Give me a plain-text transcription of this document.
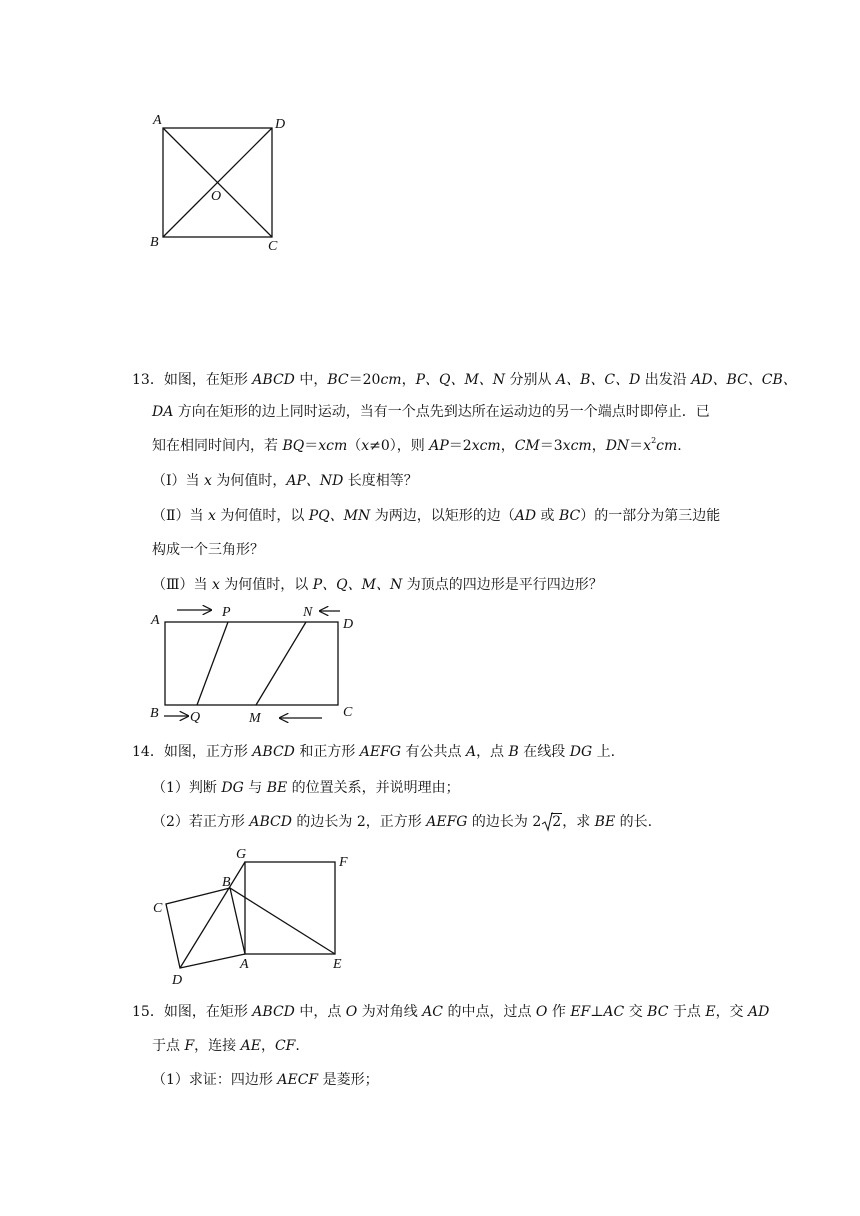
A	D
O
B	C
13．如图，在矩形 ABCD 中，BC＝20cm，P、Q、M、N 分别从 A、B、C、D 出发沿 AD、BC、CB、
DA 方向在矩形的边上同时运动，当有一个点先到达所在运动边的另一个端点时即停止．已
知在相同时间内，若 BQ＝xcm（x≠0），则 AP＝2xcm，CM＝3xcm，$DN=x^2cm$.
（Ⅰ）当 x 为何值时，AP、ND 长度相等？
（Ⅱ）当 x 为何值时，以 PQ、MN 为两边，以矩形的边（AD 或 BC）的一部分为第三边能
构成一个三角形？
（Ⅲ）当 x 为何值时，以 P、Q、M、N 为顶点的四边形是平行四边形？
A
P	N
D
B Q	M	C
14．如图，正方形 ABCD 和正方形 AEFG 有公共点 A，点 B 在线段 DG 上.
（1）判断 DG 与 BE 的位置关系，并说明理由；
（2）若正方形 ABCD 的边长为 2，正方形 AEFG 的边长为 2 2，求 BE 的长.
G
F
B
C
D
A	E
15．如图，在矩形 ABCD 中，点 O 为对角线 AC 的中点，过点 O 作 EF⊥AC 交 BC 于点 E，交 AD
于点 F，连接 AE，CF.
（1）求证：四边形 AECF 是菱形；
